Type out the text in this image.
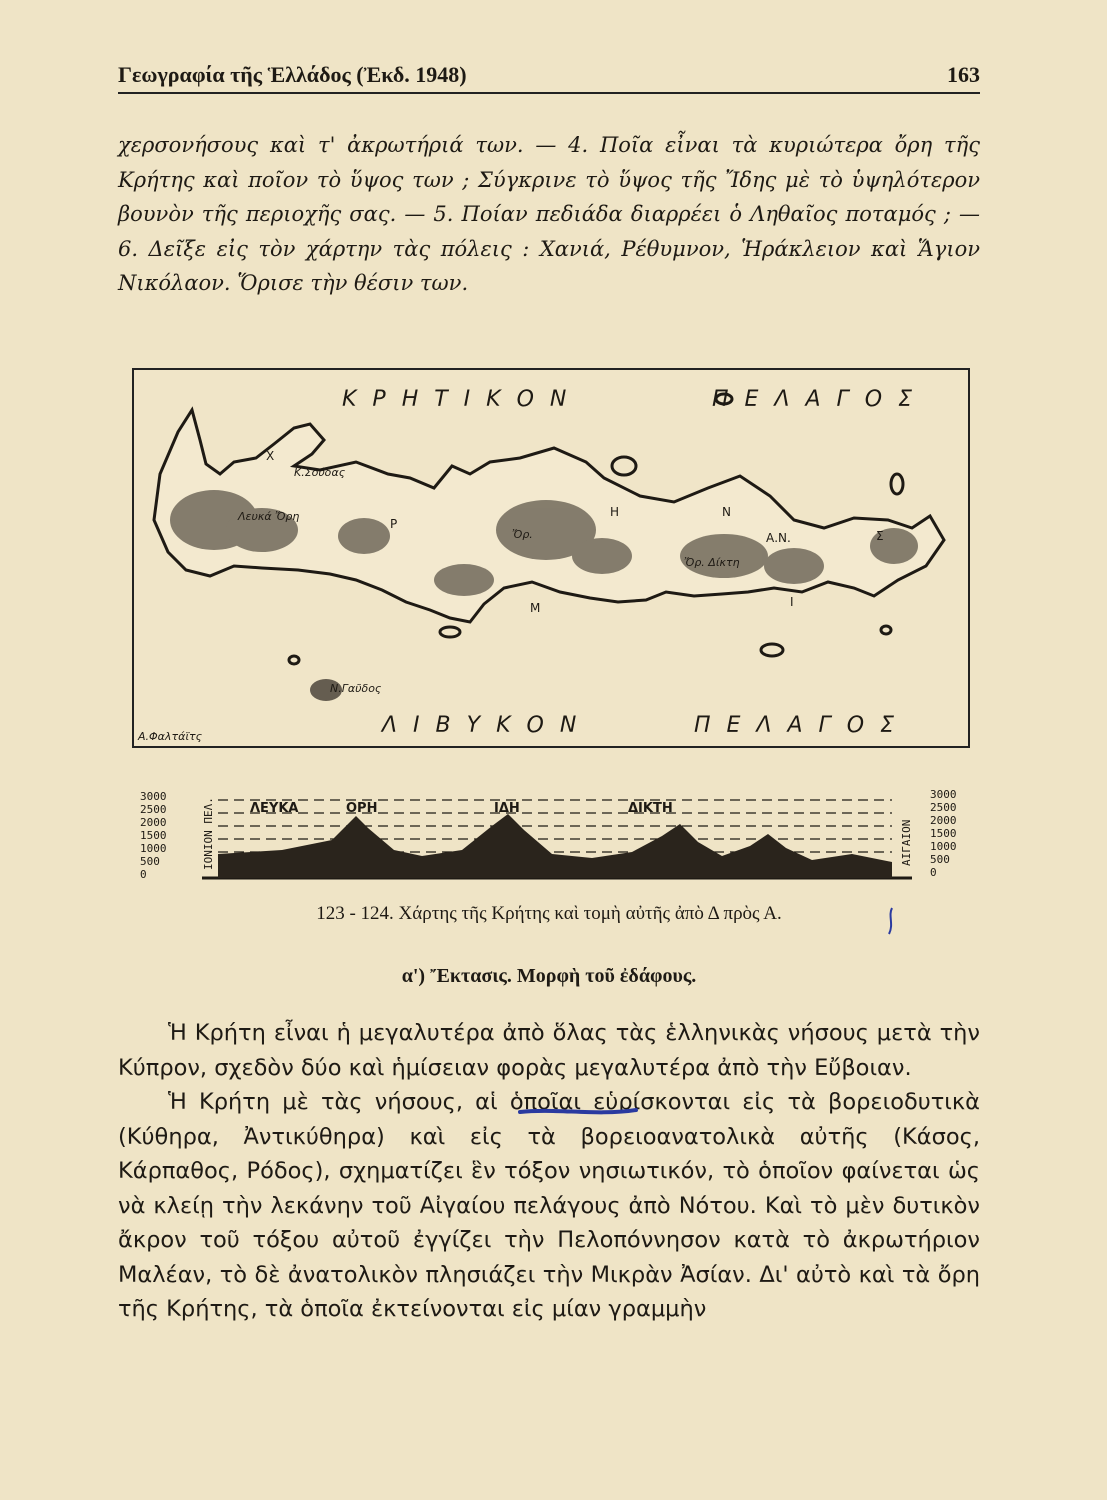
Γεωγραφία τῆς Ἑλλάδος (Ἐκδ. 1948)	163
χερσονήσους καὶ τ' ἀκρωτήριά των. — 4. Ποῖα εἶναι τὰ κυριώτερα ὄρη τῆς Κρήτης καὶ ποῖον τὸ ὕψος των ; Σύγκρινε τὸ ὕψος τῆς Ἴδης μὲ τὸ ὑψηλότερον βουνὸν τῆς περιοχῆς σας. — 5. Ποίαν πεδιάδα διαρρέει ὁ Ληθαῖος ποταμός ; — 6. Δεῖξε εἰς τὸν χάρτην τὰς πόλεις : Χανιά, Ρέθυμνον, Ἡράκλειον καὶ Ἅγιον Νικόλαον. Ὅρισε τὴν θέσιν των.
ΚΡΗΤΙΚΟΝ	ΠΕΛΑΓΟΣ
ΛΙΒΥΚΟΝ	ΠΕΛΑΓΟΣ
Ν.Γαῦδος
Λευκά Ὄρη
Ὄρ.
Ὄρ. Δίκτη
Κ.Σούδας
Α.Φαλτάϊτς
Χ
Ρ
Η	Ν
Α.Ν.	Σ
Μ	Ι
3000
2500
2000
1500
1000
500
0
ΙΟΝΙΟΝ ΠΕΛ.
3000
2500
2000
1500
1000
500
0
ΑΙΓΑΙΟΝ
ΛΕΥΚΑ	ΟΡΗ	ΙΔΗ	ΔΙΚΤΗ
123 - 124. Χάρτης τῆς Κρήτης καὶ τομὴ αὐτῆς ἀπὸ Δ πρὸς Α.
α') Ἔκτασις. Μορφὴ τοῦ ἐδάφους.

Ἡ Κρήτη εἶναι ἡ μεγαλυτέρα ἀπὸ ὅλας τὰς ἑλληνικὰς νήσους μετὰ τὴν Κύπρον, σχεδὸν δύο καὶ ἡμίσειαν φορὰς μεγαλυτέρα ἀπὸ τὴν Εὔβοιαν.

Ἡ Κρήτη μὲ τὰς νήσους, αἱ ὁποῖαι εὑρίσκονται εἰς τὰ βορειοδυτικὰ (Κύθηρα, Ἀντικύθηρα) καὶ εἰς τὰ βορειοανατολικὰ αὐτῆς (Κάσος, Κάρπαθος, Ρόδος), σχηματίζει ἓν τόξον νησιωτικόν, τὸ ὁποῖον φαίνεται ὡς νὰ κλείῃ τὴν λεκάνην τοῦ Αἰγαίου πελάγους ἀπὸ Νότου. Καὶ τὸ μὲν δυτικὸν ἄκρον τοῦ τόξου αὐτοῦ ἐγγίζει τὴν Πελοπόννησον κατὰ τὸ ἀκρωτήριον Μαλέαν, τὸ δὲ ἀνατολικὸν πλησιάζει τὴν Μικρὰν Ἀσίαν. Δι' αὐτὸ καὶ τὰ ὄρη τῆς Κρήτης, τὰ ὁποῖα ἐκτείνονται εἰς μίαν γραμμὴν
